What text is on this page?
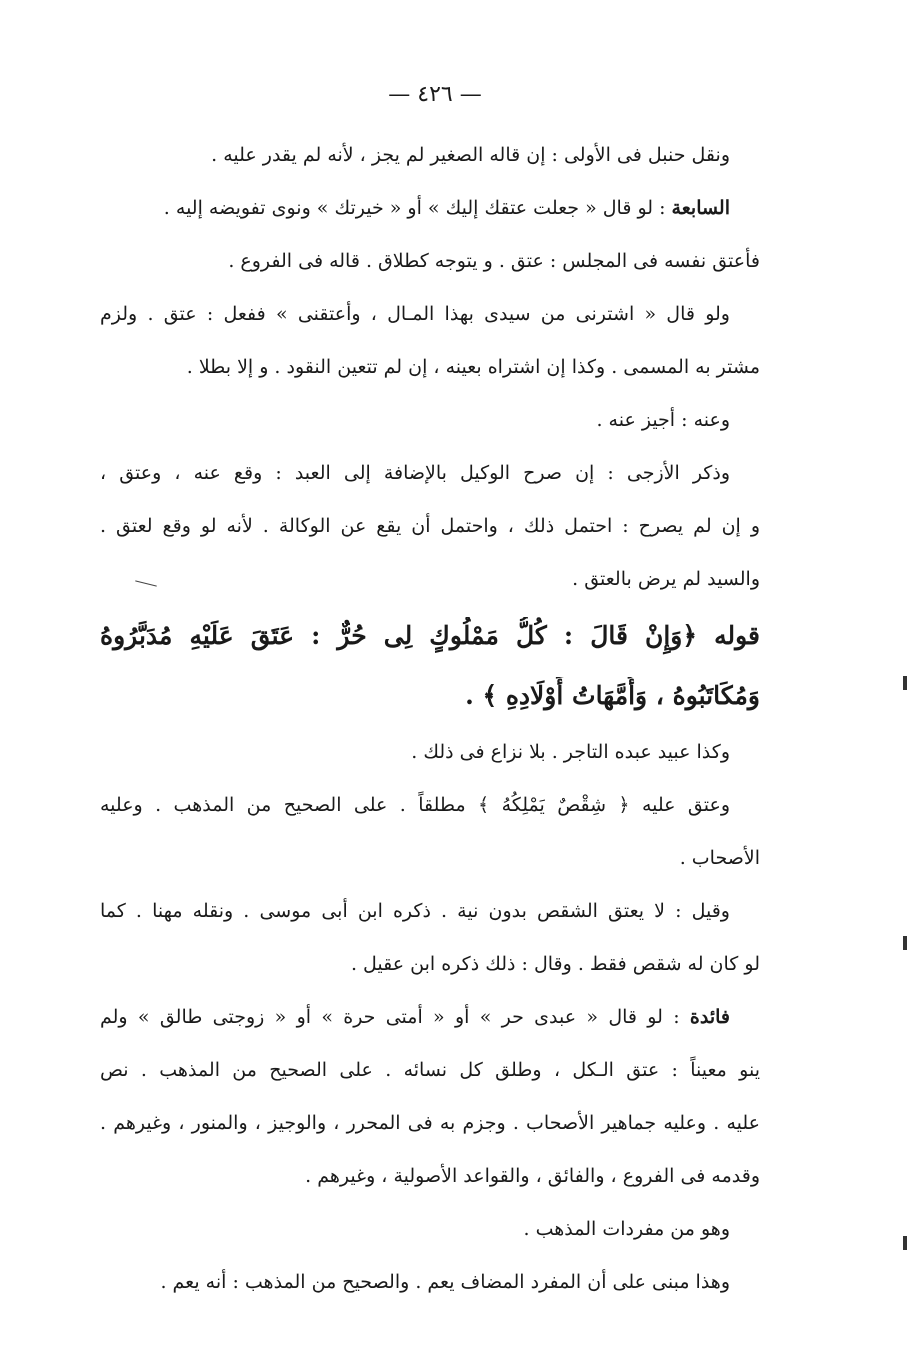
— ٤٢٦ —
ونقل حنبل فى الأولى : إن قاله الصغير لم يجز ، لأنه لم يقدر عليه .
السابعة : لو قال « جعلت عتقك إليك » أو « خيرتك » ونوى تفويضه إليه .
فأعتق نفسه فى المجلس : عتق . و يتوجه كطلاق . قاله فى الفروع .
ولو قال « اشترنى من سيدى بهذا المـال ، وأعتقنى » ففعل : عتق . ولزم
مشتر به المسمى . وكذا إن اشتراه بعينه ، إن لم تتعين النقود . و إلا بطلا .
وعنه : أجيز عنه .
وذكر الأزجى : إن صرح الوكيل بالإضافة إلى العبد : وقع عنه ، وعتق ،
و إن لم يصرح : احتمل ذلك ، واحتمل أن يقع عن الوكالة . لأنه لو وقع لعتق .
والسيد لم يرض بالعتق .
قوله ﴿وَإِنْ قَالَ : كُلُّ مَمْلُوكٍ لِى حُرٌّ : عَتَقَ عَلَيْهِ مُدَبَّرُوهُ
وَمُكَاتَبُوهُ ، وَأُمَّهَاتُ أَوْلَادِهِ ﴾ .
وكذا عبيد عبده التاجر . بلا نزاع فى ذلك .
وعتق عليه ﴿ شِقْصٌ يَمْلِكُهُ ﴾ مطلقاً . على الصحيح من المذهب . وعليه
الأصحاب .
وقيل : لا يعتق الشقص بدون نية . ذكره ابن أبى موسى . ونقله مهنا . كما
لو كان له شقص فقط . وقال : ذلك ذكره ابن عقيل .
فائدة : لو قال « عبدى حر » أو « أمتى حرة » أو « زوجتى طالق » ولم
ينو معيناً : عتق الـكل ، وطلق كل نسائه . على الصحيح من المذهب . نص
عليه . وعليه جماهير الأصحاب . وجزم به فى المحرر ، والوجيز ، والمنور ، وغيرهم .
وقدمه فى الفروع ، والفائق ، والقواعد الأصولية ، وغيرهم .
وهو من مفردات المذهب .
وهذا مبنى على أن المفرد المضاف يعم . والصحيح من المذهب : أنه يعم .
